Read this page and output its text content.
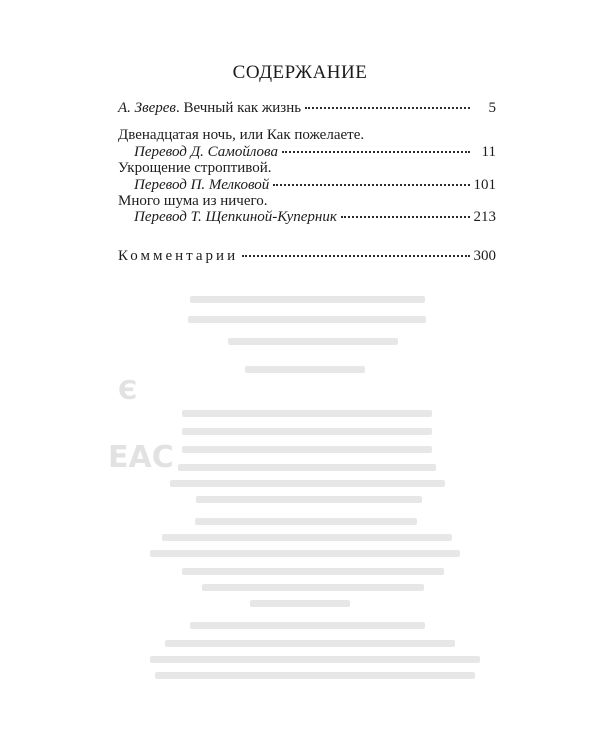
Є
ЕАС
СОДЕРЖАНИЕ
А. Зверев. Вечный как жизнь	5
Двенадцатая ночь, или Как пожелаете.
Перевод Д. Самойлова	11
Укрощение строптивой.
Перевод П. Мелковой	101
Много шума из ничего.
Перевод Т. Щепкиной-Куперник	213
Комментарии	300
